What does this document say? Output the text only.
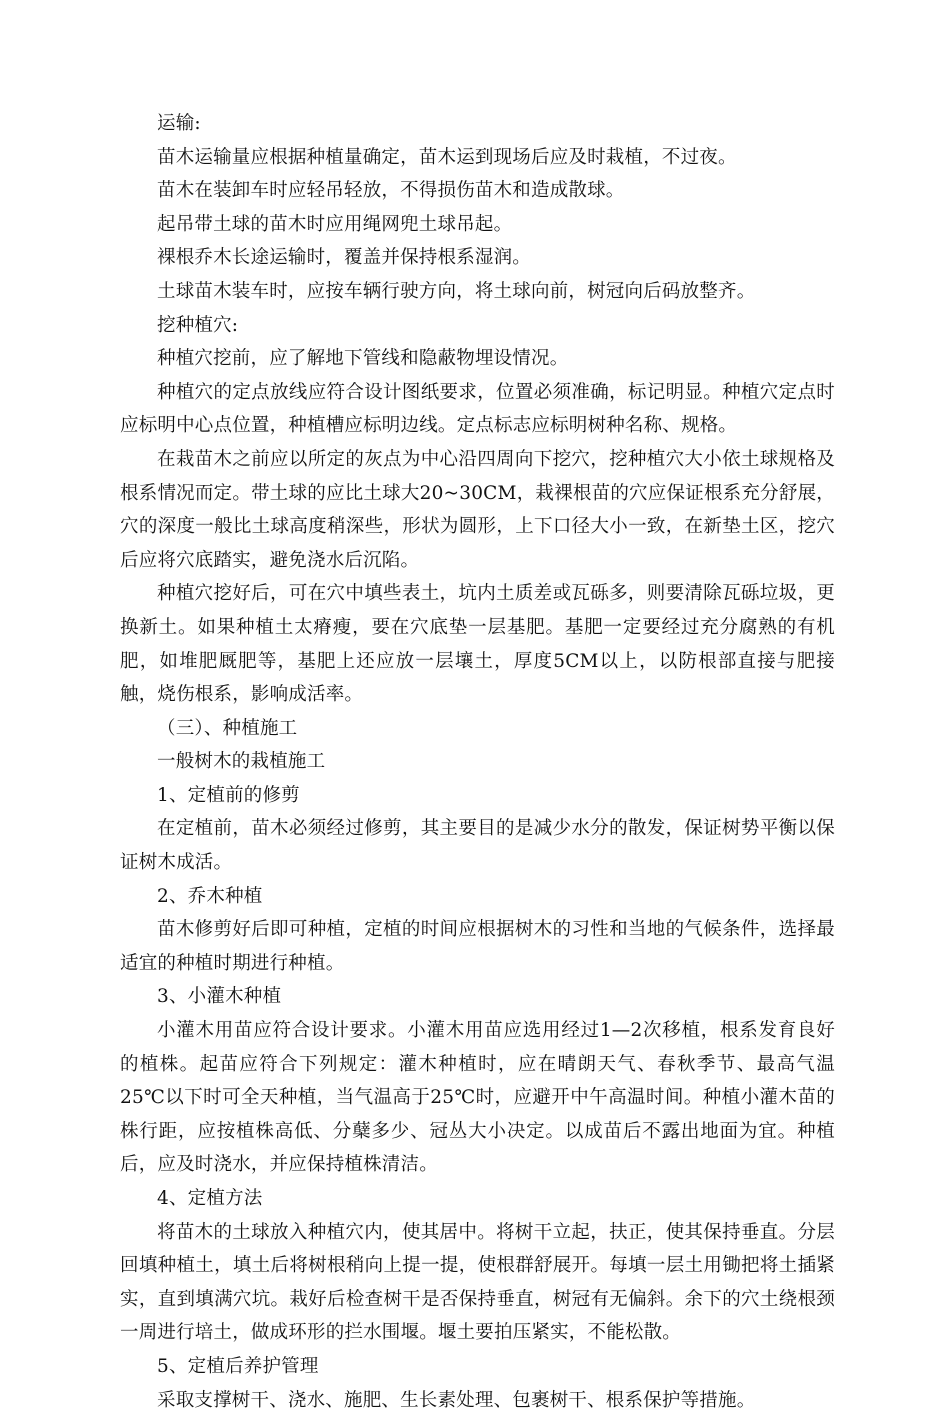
运输:

苗木运输量应根据种植量确定，苗木运到现场后应及时栽植，不过夜。

苗木在装卸车时应轻吊轻放，不得损伤苗木和造成散球。

起吊带土球的苗木时应用绳网兜土球吊起。

裸根乔木长途运输时，覆盖并保持根系湿润。

土球苗木装车时，应按车辆行驶方向，将土球向前，树冠向后码放整齐。

挖种植穴:

种植穴挖前，应了解地下管线和隐蔽物埋设情况。

种植穴的定点放线应符合设计图纸要求，位置必须准确，标记明显。种植穴定点时应标明中心点位置，种植槽应标明边线。定点标志应标明树种名称、规格。

在栽苗木之前应以所定的灰点为中心沿四周向下挖穴，挖种植穴大小依土球规格及根系情况而定。带土球的应比土球大20~30CM，栽裸根苗的穴应保证根系充分舒展，穴的深度一般比土球高度稍深些，形状为圆形，上下口径大小一致，在新垫土区，挖穴后应将穴底踏实，避免浇水后沉陷。

种植穴挖好后，可在穴中填些表土，坑内土质差或瓦砾多，则要清除瓦砾垃圾，更换新土。如果种植土太瘠瘦，要在穴底垫一层基肥。基肥一定要经过充分腐熟的有机肥，如堆肥厩肥等，基肥上还应放一层壤土，厚度5CM以上，以防根部直接与肥接触，烧伤根系，影响成活率。

（三）、种植施工

一般树木的栽植施工

1、定植前的修剪

在定植前，苗木必须经过修剪，其主要目的是减少水分的散发，保证树势平衡以保证树木成活。

2、乔木种植

苗木修剪好后即可种植，定植的时间应根据树木的习性和当地的气候条件，选择最适宜的种植时期进行种植。

3、小灌木种植

小灌木用苗应符合设计要求。小灌木用苗应选用经过1—2次移植，根系发育良好的植株。起苗应符合下列规定：灌木种植时，应在晴朗天气、春秋季节、最高气温25℃以下时可全天种植，当气温高于25℃时，应避开中午高温时间。种植小灌木苗的株行距，应按植株高低、分蘖多少、冠丛大小决定。以成苗后不露出地面为宜。种植后，应及时浇水，并应保持植株清洁。

4、定植方法

将苗木的土球放入种植穴内，使其居中。将树干立起，扶正，使其保持垂直。分层回填种植土，填土后将树根稍向上提一提，使根群舒展开。每填一层土用锄把将土插紧实，直到填满穴坑。栽好后检查树干是否保持垂直，树冠有无偏斜。余下的穴土绕根颈一周进行培土，做成环形的拦水围堰。堰土要拍压紧实，不能松散。

5、定植后养护管理

采取支撑树干、浇水、施肥、生长素处理、包裹树干、根系保护等措施。
